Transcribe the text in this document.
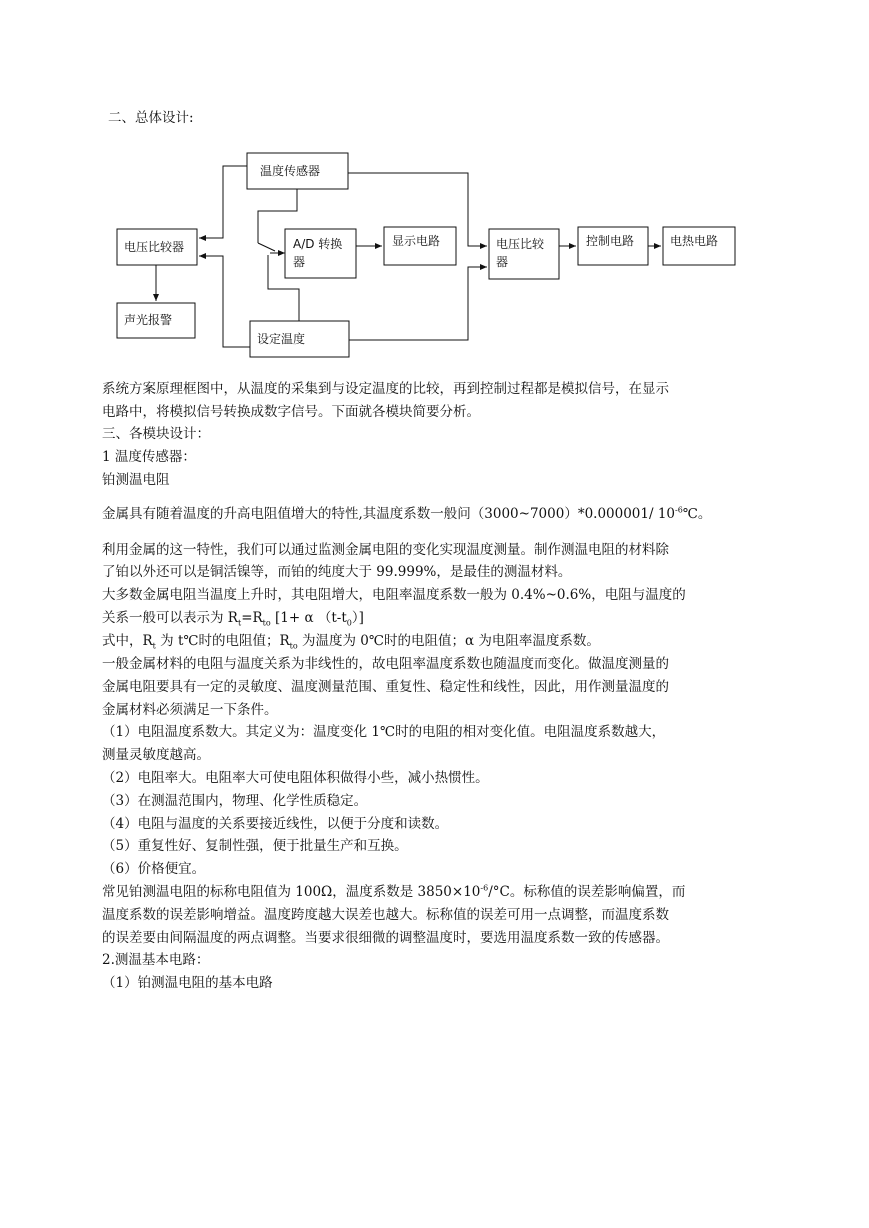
二、总体设计:
温度传感器
电压比较器
声光报警
A/D 转换
器
显示电路
设定温度
电压比较
器
控制电路	电热电路
系统方案原理框图中，从温度的采集到与设定温度的比较，再到控制过程都是模拟信号，在显示
电路中，将模拟信号转换成数字信号。下面就各模块简要分析。
三、各模块设计：
1 温度传感器：
铂测温电阻
金属具有随着温度的升高电阻值增大的特性,其温度系数一般问（3000~7000）*0.000001/ $10^{-6}℃$。
利用金属的这一特性，我们可以通过监测金属电阻的变化实现温度测量。制作测温电阻的材料除
了铂以外还可以是铜活镍等，而铂的纯度大于 99.999%，是最佳的测温材料。
大多数金属电阻当温度上升时，其电阻增大，电阻率温度系数一般为 0.4%~0.6%，电阻与温度的
关系一般可以表示为 $R_t=R_{to}$ [1+ α $(t-t_0)$]
式中，$R_t$ 为 t℃时的电阻值；$R_{to}$ 为温度为 0℃时的电阻值；α 为电阻率温度系数。
一般金属材料的电阻与温度关系为非线性的，故电阻率温度系数也随温度而变化。做温度测量的
金属电阻要具有一定的灵敏度、温度测量范围、重复性、稳定性和线性，因此，用作测量温度的
金属材料必须满足一下条件。
（1）电阻温度系数大。其定义为：温度变化 1℃时的电阻的相对变化值。电阻温度系数越大，
测量灵敏度越高。
（2）电阻率大。电阻率大可使电阻体积做得小些，减小热惯性。
（3）在测温范围内，物理、化学性质稳定。
（4）电阻与温度的关系要接近线性，以便于分度和读数。
（5）重复性好、复制性强，便于批量生产和互换。
（6）价格便宜。
常见铂测温电阻的标称电阻值为 100Ω，温度系数是 $3850\times 10^{-6}/^\circ C$。标称值的误差影响偏置，而
温度系数的误差影响增益。温度跨度越大误差也越大。标称值的误差可用一点调整，而温度系数
的误差要由间隔温度的两点调整。当要求很细微的调整温度时，要选用温度系数一致的传感器。
2.测温基本电路：
（1）铂测温电阻的基本电路
